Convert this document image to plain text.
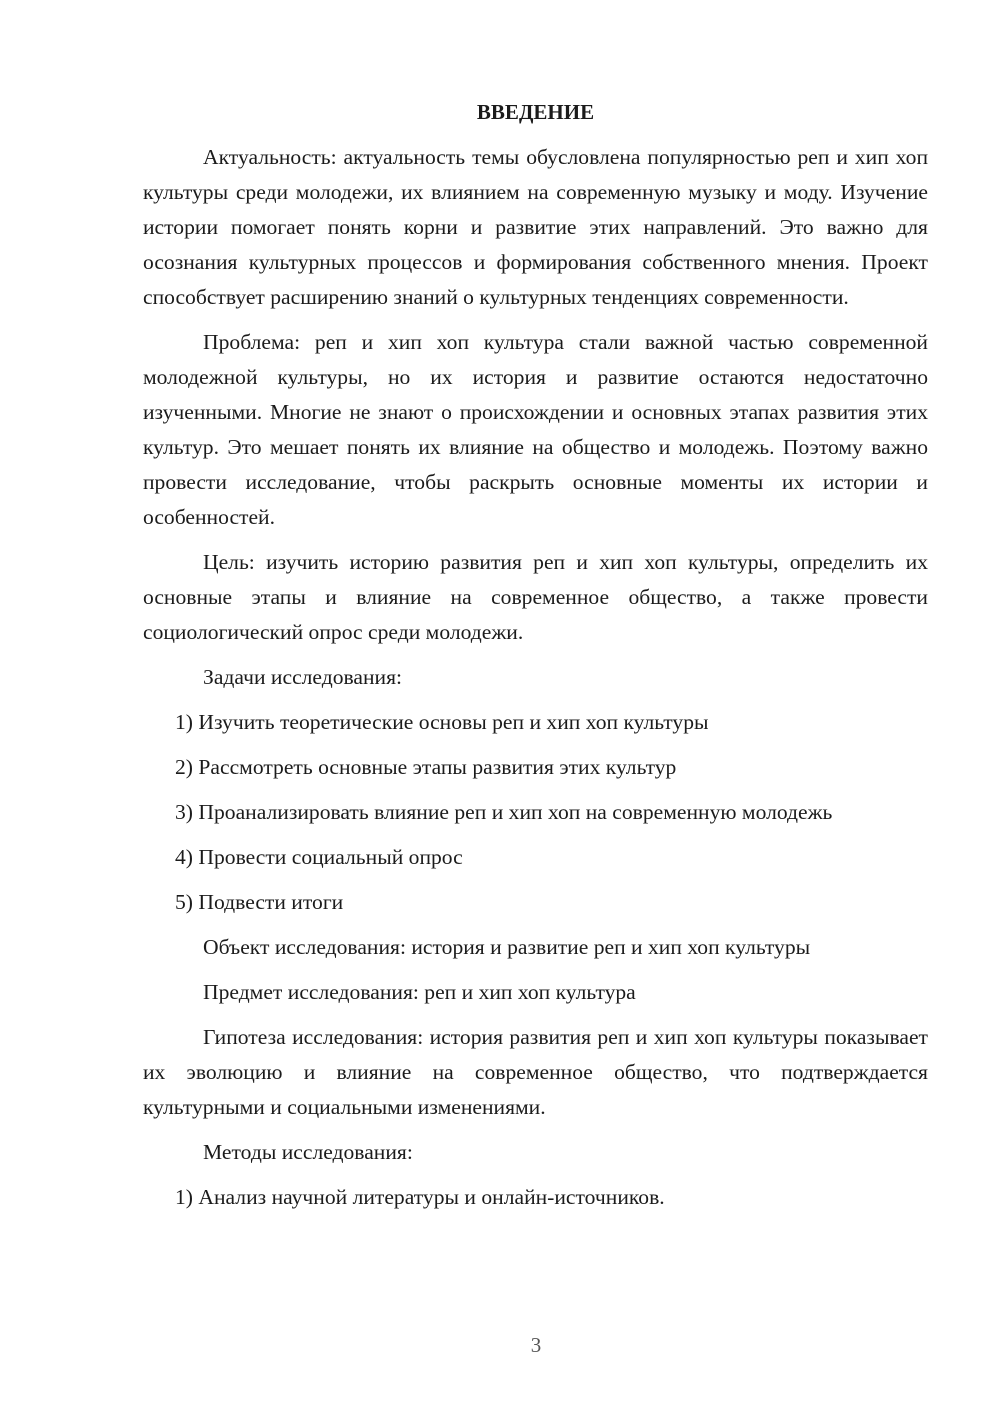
ВВЕДЕНИЕ
Актуальность: актуальность темы обусловлена популярностью реп и хип хоп культуры среди молодежи, их влиянием на современную музыку и моду. Изучение истории помогает понять корни и развитие этих направлений. Это важно для осознания культурных процессов и формирования собственного мнения. Проект способствует расширению знаний о культурных тенденциях современности.
Проблема: реп и хип хоп культура стали важной частью современной молодежной культуры, но их история и развитие остаются недостаточно изученными. Многие не знают о происхождении и основных этапах развития этих культур. Это мешает понять их влияние на общество и молодежь. Поэтому важно провести исследование, чтобы раскрыть основные моменты их истории и особенностей.
Цель: изучить историю развития реп и хип хоп культуры, определить их основные этапы и влияние на современное общество, а также провести социологический опрос среди молодежи.
Задачи исследования:
1) Изучить теоретические основы реп и хип хоп культуры
2) Рассмотреть основные этапы развития этих культур
3) Проанализировать влияние реп и хип хоп на современную молодежь
4) Провести социальный опрос
5) Подвести итоги
Объект исследования: история и развитие реп и хип хоп культуры
Предмет исследования: реп и хип хоп культура
Гипотеза исследования: история развития реп и хип хоп культуры показывает их эволюцию и влияние на современное общество, что подтверждается культурными и социальными изменениями.
Методы исследования:
1) Анализ научной литературы и онлайн-источников.
3
